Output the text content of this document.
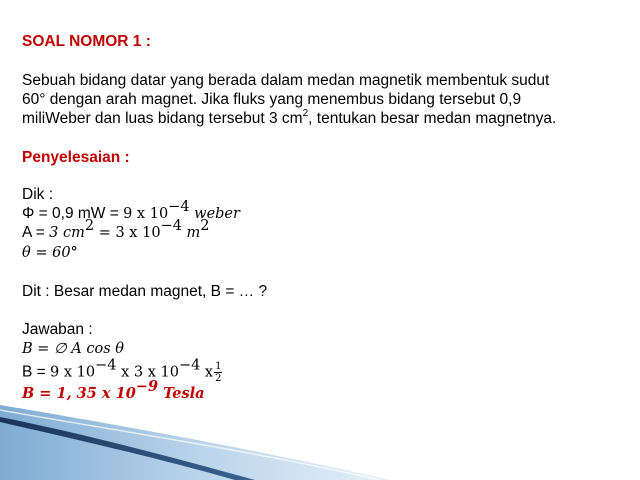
SOAL NOMOR 1 :
Sebuah bidang datar yang berada dalam medan magnetik membentuk sudut
60° dengan arah magnet. Jika fluks yang menembus bidang tersebut 0,9
miliWeber dan luas bidang tersebut 3 $cm^2$, tentukan besar medan magnetnya.
Penyelesaian :
Dik :
Φ = 0,9 mW = 9 x $10^{-4}$ weber
A = 3 $cm^2 = 3$ x $10^{-4}$ $m^2$
θ = 60°
Dit : Besar medan magnet, B = … ?
Jawaban :
B = ∅ A cos θ
B = 9 x $10^{-4}$ x 3 x $10^{-4}$ x $\frac{1}{2}$
B = 1, 35 x $10^{-9}$ Tesla
